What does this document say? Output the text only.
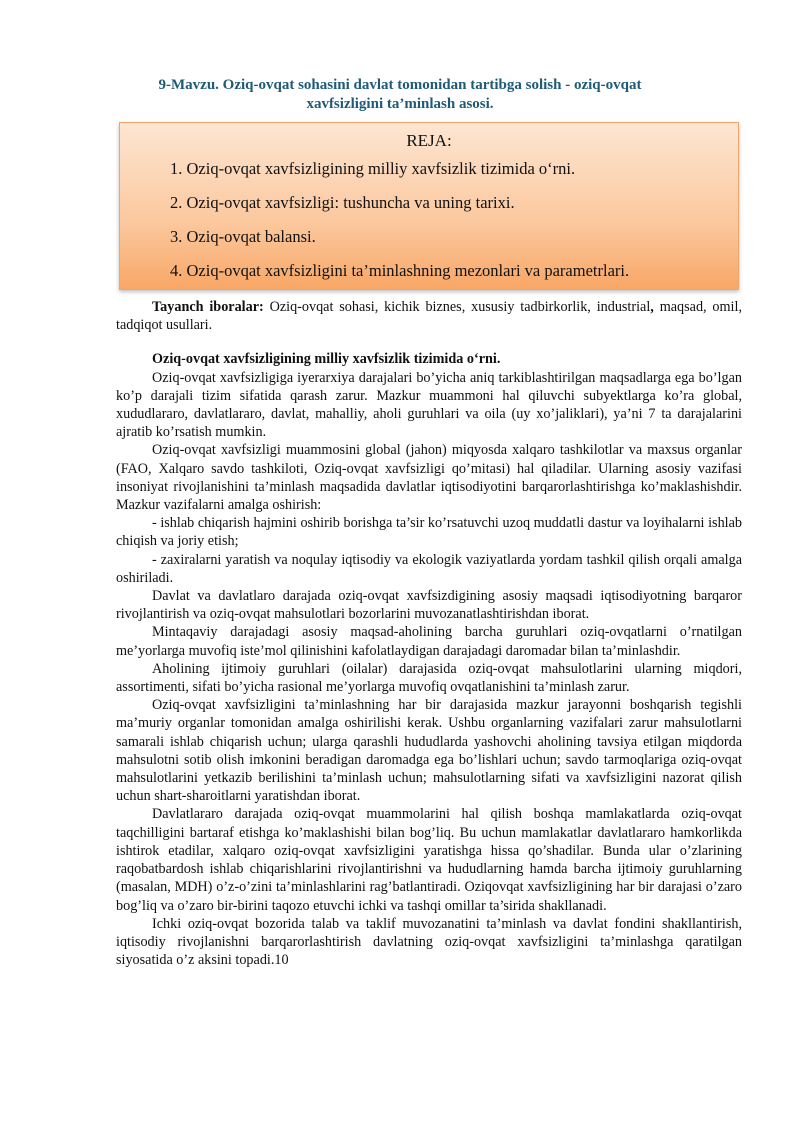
9-Mavzu. Oziq-ovqat sohasini davlat tomonidan tartibga solish - oziq-ovqat xavfsizligini ta’minlash asosi.
REJA:
1. Oziq-ovqat xavfsizligining milliy xavfsizlik tizimida o‘rni.
2. Oziq-ovqat xavfsizligi: tushuncha va uning tarixi.
3. Oziq-ovqat balansi.
4. Oziq-ovqat xavfsizligini ta’minlashning mezonlari va parametrlari.

Tayanch iboralar: Oziq-ovqat sohasi, kichik biznes, xususiy tadbirkorlik, industrial, maqsad, omil, tadqiqot usullari.

Oziq-ovqat xavfsizligining milliy xavfsizlik tizimida o‘rni.

Oziq-ovqat xavfsizligiga iyerarxiya darajalari bo’yicha aniq tarkiblashtirilgan maqsadlarga ega bo’lgan ko’p darajali tizim sifatida qarash zarur. Mazkur muammoni hal qiluvchi subyektlarga ko’ra global, xududlararo, davlatlararo, davlat, mahalliy, aholi guruhlari va oila (uy xo’jaliklari), ya’ni 7 ta darajalarini ajratib ko’rsatish mumkin.

Oziq-ovqat xavfsizligi muammosini global (jahon) miqyosda xalqaro tashkilotlar va maxsus organlar (FAO, Xalqaro savdo tashkiloti, Oziq-ovqat xavfsizligi qo’mitasi) hal qiladilar. Ularning asosiy vazifasi insoniyat rivojlanishini ta’minlash maqsadida davlatlar iqtisodiyotini barqarorlashtirishga ko’maklashishdir. Mazkur vazifalarni amalga oshirish:

- ishlab chiqarish hajmini oshirib borishga ta’sir ko’rsatuvchi uzoq muddatli dastur va loyihalarni ishlab chiqish va joriy etish;

- zaxiralarni yaratish va noqulay iqtisodiy va ekologik vaziyatlarda yordam tashkil qilish orqali amalga oshiriladi.

Davlat va davlatlaro darajada oziq-ovqat xavfsizdigining asosiy maqsadi iqtisodiyotning barqaror rivojlantirish va oziq-ovqat mahsulotlari bozorlarini muvozanatlashtirishdan iborat.

Mintaqaviy darajadagi asosiy maqsad-aholining barcha guruhlari oziq-ovqatlarni o’rnatilgan me’yorlarga muvofiq iste’mol qilinishini kafolatlaydigan darajadagi daromadar bilan ta’minlashdir.

Aholining ijtimoiy guruhlari (oilalar) darajasida oziq-ovqat mahsulotlarini ularning miqdori, assortimenti, sifati bo’yicha rasional me’yorlarga muvofiq ovqatlanishini ta’minlash zarur.

Oziq-ovqat xavfsizligini ta’minlashning har bir darajasida mazkur jarayonni boshqarish tegishli ma’muriy organlar tomonidan amalga oshirilishi kerak. Ushbu organlarning vazifalari zarur mahsulotlarni samarali ishlab chiqarish uchun; ularga qarashli hududlarda yashovchi aholining tavsiya etilgan miqdorda mahsulotni sotib olish imkonini beradigan daromadga ega bo’lishlari uchun; savdo tarmoqlariga oziq-ovqat mahsulotlarini yetkazib berilishini ta’minlash uchun; mahsulotlarning sifati va xavfsizligini nazorat qilish uchun shart-sharoitlarni yaratishdan iborat.

Davlatlararo darajada oziq-ovqat muammolarini hal qilish boshqa mamlakatlarda oziq-ovqat taqchilligini bartaraf etishga ko’maklashishi bilan bog’liq. Bu uchun mamlakatlar davlatlararo hamkorlikda ishtirok etadilar, xalqaro oziq-ovqat xavfsizligini yaratishga hissa qo’shadilar. Bunda ular o’zlarining raqobatbardosh ishlab chiqarishlarini rivojlantirishni va hududlarning hamda barcha ijtimoiy guruhlarning (masalan, MDH) o’z-o’zini ta’minlashlarini rag’batlantiradi. Oziqovqat xavfsizligining har bir darajasi o’zaro bog’liq va o’zaro bir-birini taqozo etuvchi ichki va tashqi omillar ta’sirida shakllanadi.

Ichki oziq-ovqat bozorida talab va taklif muvozanatini ta’minlash va davlat fondini shakllantirish, iqtisodiy rivojlanishni barqarorlashtirish davlatning oziq-ovqat xavfsizligini ta’minlashga qaratilgan siyosatida o’z aksini topadi.10
